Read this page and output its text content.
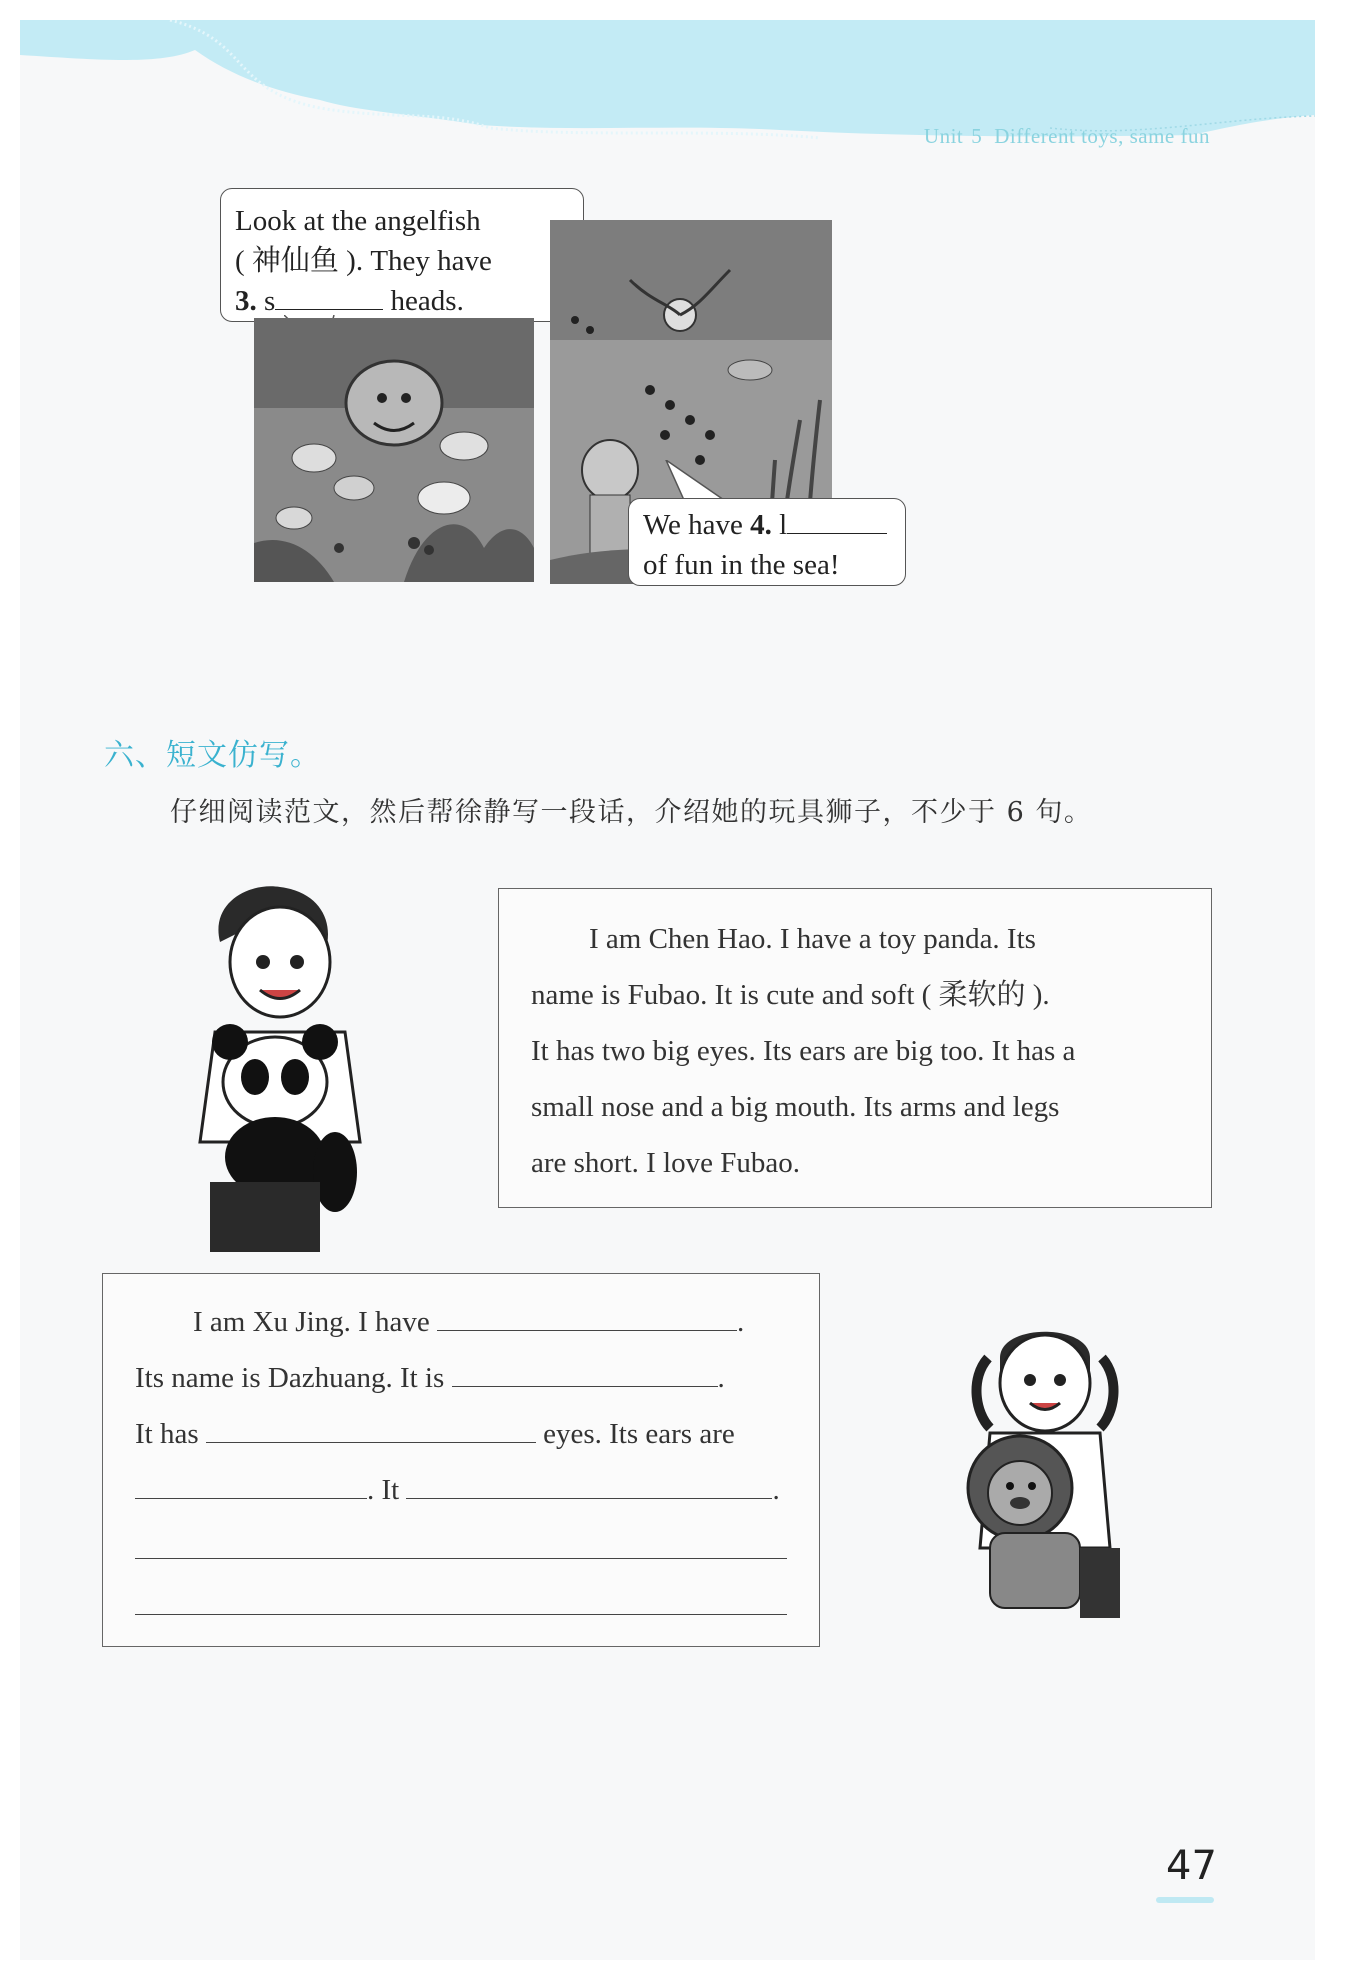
Unit 5 Different toys, same fun
Look at the angelfish
( 神仙鱼 ). They have
3. s	heads.
We have 4. l
of fun in the sea!
六、短文仿写。
仔细阅读范文，然后帮徐静写一段话，介绍她的玩具狮子，不少于 6 句。
I am Chen Hao. I have a toy panda. Its
name is Fubao. It is cute and soft ( 柔软的 ).
It has two big eyes. Its ears are big too. It has a
small nose and a big mouth. Its arms and legs
are short. I love Fubao.
I am Xu Jing. I have	.
Its name is Dazhuang. It is	.
It has	eyes. Its ears are
. It	.
47
